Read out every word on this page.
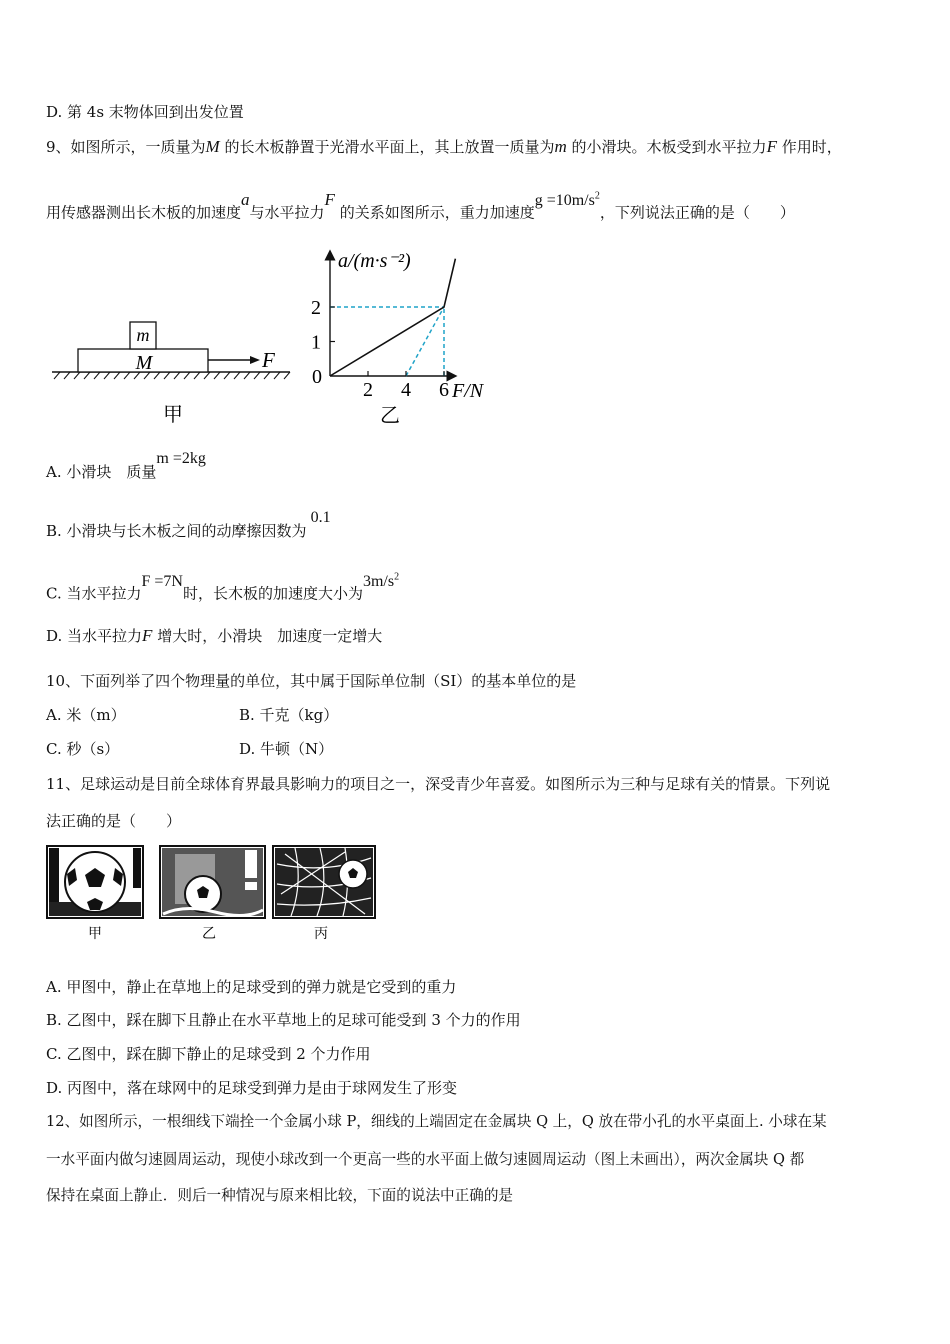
D. 第 4s 末物体回到出发位置
9、如图所示，一质量为M 的长木板静置于光滑水平面上，其上放置一质量为m 的小滑块。木板受到水平拉力F 作用时，
用传感器测出长木板的加速度a与水平拉力F 的关系如图所示，重力加速度$g =10m/s^2$，下列说法正确的是（　　）
m
M	F
甲
a/(m·s⁻²)
F/N
0
1
2
2 4 6
乙
A. 小滑块　质量m =2kg
B. 小滑块与长木板之间的动摩擦因数为0.1
C. 当水平拉力F =7N时，长木板的加速度大小为$3m/s^2$
D. 当水平拉力F 增大时，小滑块　加速度一定增大
10、下面列举了四个物理量的单位，其中属于国际单位制（SI）的基本单位的是
A. 米（m）	B. 千克（kg）
C. 秒（s）	D. 牛顿（N）
11、足球运动是目前全球体育界最具影响力的项目之一，深受青少年喜爱。如图所示为三种与足球有关的情景。下列说
法正确的是（　　）
甲	乙	丙
A. 甲图中，静止在草地上的足球受到的弹力就是它受到的重力
B. 乙图中，踩在脚下且静止在水平草地上的足球可能受到 3 个力的作用
C. 乙图中，踩在脚下静止的足球受到 2 个力作用
D. 丙图中，落在球网中的足球受到弹力是由于球网发生了形变
12、如图所示，一根细线下端拴一个金属小球 P，细线的上端固定在金属块 Q 上，Q 放在带小孔的水平桌面上. 小球在某
一水平面内做匀速圆周运动，现使小球改到一个更高一些的水平面上做匀速圆周运动（图上未画出），两次金属块 Q 都
保持在桌面上静止．则后一种情况与原来相比较，下面的说法中正确的是
